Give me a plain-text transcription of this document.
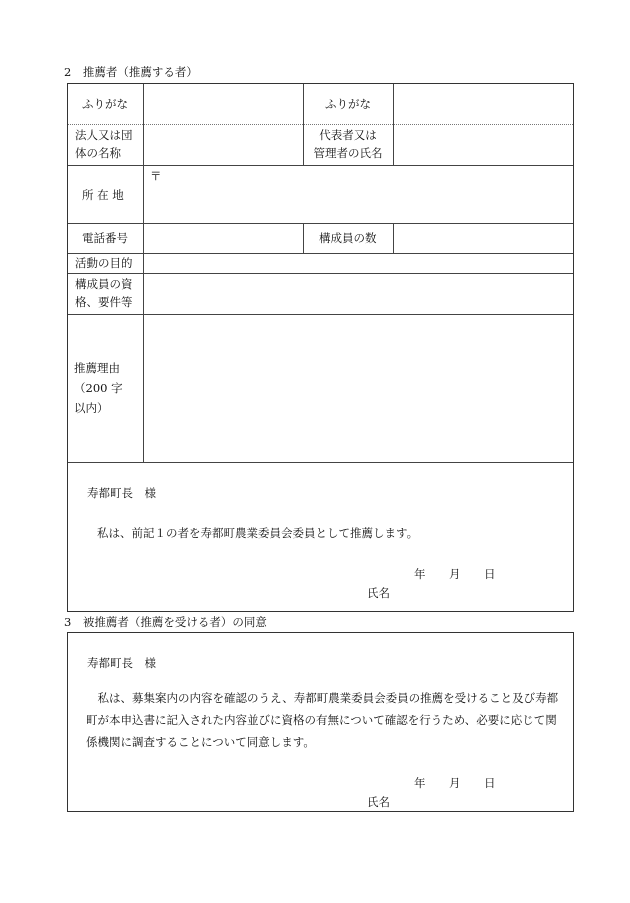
2　推薦者（推薦する者）
ふりがな	ふりがな
法人又は団
体の名称
代表者又は
管理者の氏名
所 在 地
〒
電話番号	構成員の数
活動の目的
構成員の資
格、要件等
推薦理由
（200 字
以内）
寿都町長　様
私は、前記１の者を寿都町農業委員会委員として推薦します。
年 月 日
氏名
3　被推薦者（推薦を受ける者）の同意
寿都町長　様
　私は、募集案内の内容を確認のうえ、寿都町農業委員会委員の推薦を受けること及び寿都
町が本申込書に記入された内容並びに資格の有無について確認を行うため、必要に応じて関
係機関に調査することについて同意します。
年 月 日
氏名
